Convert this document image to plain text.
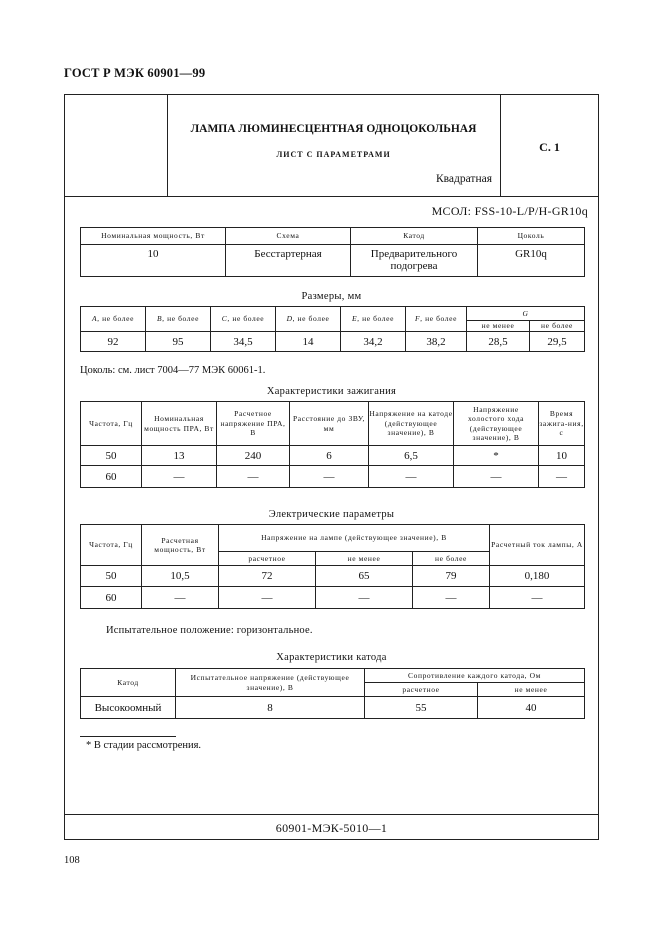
ГОСТ Р МЭК 60901—99
ЛАМПА ЛЮМИНЕСЦЕНТНАЯ ОДНОЦОКОЛЬНАЯ
ЛИСТ С ПАРАМЕТРАМИ
Квадратная
С. 1
МСОЛ: FSS-10-L/P/H-GR10q
Номинальная мощность, Вт	Схема	Катод	Цоколь
10	Бесстартерная	Предварительного подогрева	GR10q
Размеры, мм
A, не более	B, не более	C, не более	D, не более	E, не более	F, не более	G	
						не менее	не более
92	95	34,5	14	34,2	38,2	28,5	29,5
Цоколь: см. лист 7004—77 МЭК 60061-1.
Характеристики зажигания
Частота, Гц	Номинальная мощность ПРА, Вт	Расчетное напряжение ПРА, В	Расстояние до ЗВУ, мм	Напряжение на катоде (действующее значение), В	Напряжение холостого хода (действующее значение), В	Время зажига-ния, с
50	13	240	6	6,5	*	10
60	—	—	—	—	—	—
Электрические параметры
Частота, Гц	Расчетная мощность, Вт	Напряжение на лампе (действующее значение), В			Расчетный ток лампы, А
		расчетное	не менее	не более	
50	10,5	72	65	79	0,180
60	—	—	—	—	—
Испытательное положение: горизонтальное.
Характеристики катода
Катод	Испытательное напряжение (действующее значение), В	Сопротивление каждого катода, Ом	
		расчетное	не менее
Высокоомный	8	55	40
* В стадии рассмотрения.
60901-МЭК-5010—1
108
